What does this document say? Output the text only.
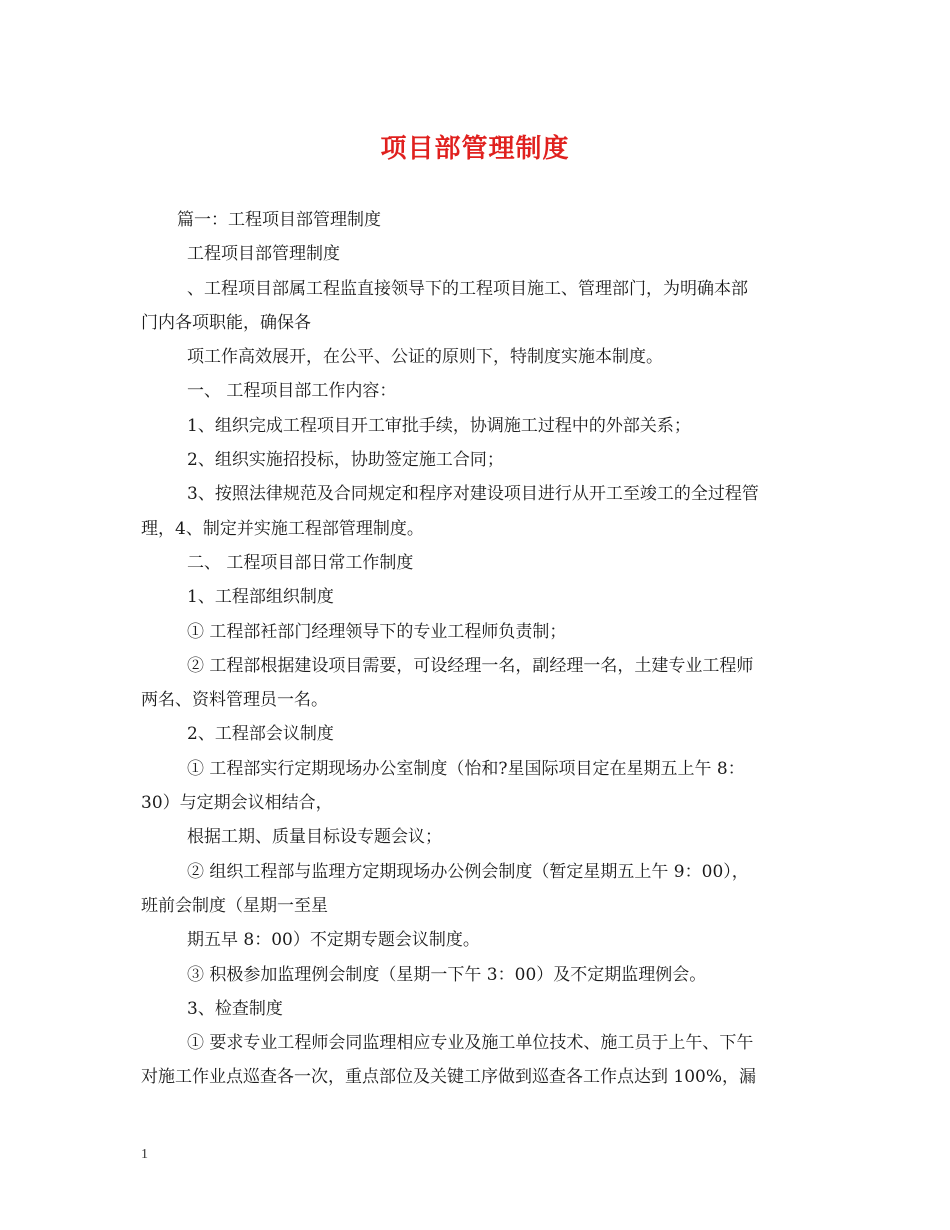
项目部管理制度
篇一：工程项目部管理制度
工程项目部管理制度
、工程项目部属工程监直接领导下的工程项目施工、管理部门，为明确本部
门内各项职能，确保各
项工作高效展开，在公平、公证的原则下，特制度实施本制度。
一、 工程项目部工作内容：
1、组织完成工程项目开工审批手续，协调施工过程中的外部关系；
2、组织实施招投标，协助签定施工合同；
3、按照法律规范及合同规定和程序对建设项目进行从开工至竣工的全过程管
理，4、制定并实施工程部管理制度。
二、 工程项目部日常工作制度
1、工程部组织制度
① 工程部衽部门经理领导下的专业工程师负责制；
② 工程部根据建设项目需要，可设经理一名，副经理一名，土建专业工程师
两名、资料管理员一名。
2、工程部会议制度
① 工程部实行定期现场办公室制度（怡和?星国际项目定在星期五上午 8：
30）与定期会议相结合，
根据工期、质量目标设专题会议；
② 组织工程部与监理方定期现场办公例会制度（暂定星期五上午 9：00），
班前会制度（星期一至星
期五早 8：00）不定期专题会议制度。
③ 积极参加监理例会制度（星期一下午 3：00）及不定期监理例会。
3、检查制度
① 要求专业工程师会同监理相应专业及施工单位技术、施工员于上午、下午
对施工作业点巡查各一次，重点部位及关键工序做到巡查各工作点达到 100%，漏
1
